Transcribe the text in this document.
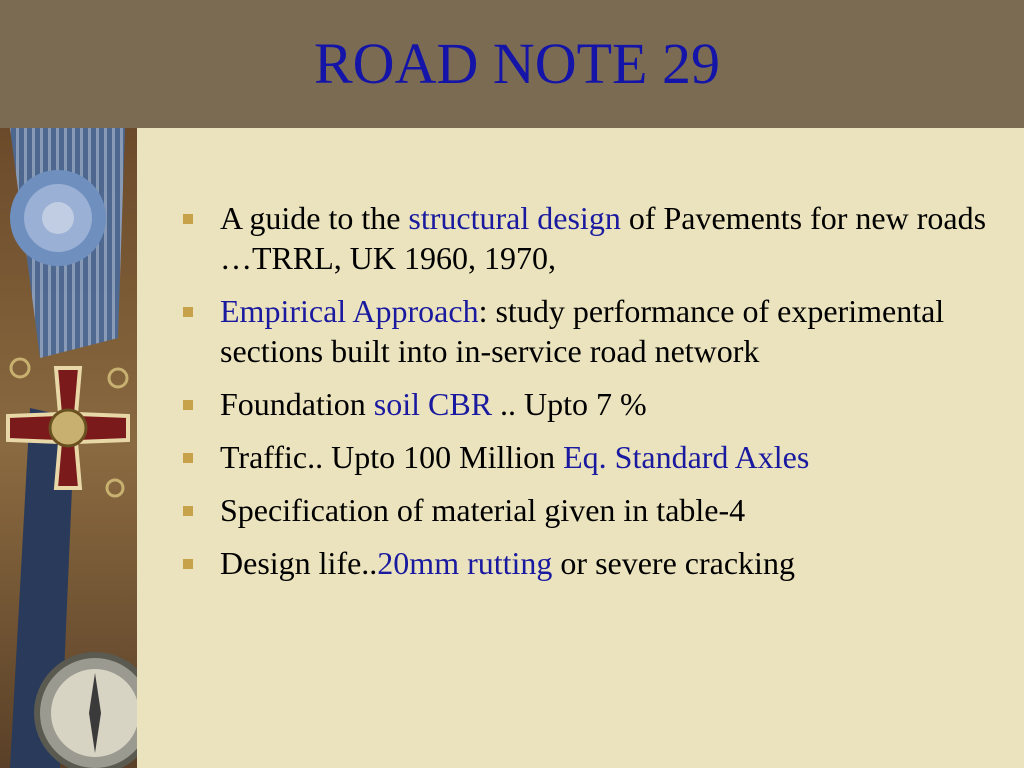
ROAD NOTE 29
A guide to the structural design of Pavements for new roads …TRRL, UK 1960, 1970,
Empirical Approach: study performance of experimental sections built into in-service road network
Foundation soil CBR .. Upto 7 %
Traffic.. Upto 100 Million Eq. Standard Axles
Specification of material given in table-4
Design life..20mm rutting or severe cracking
